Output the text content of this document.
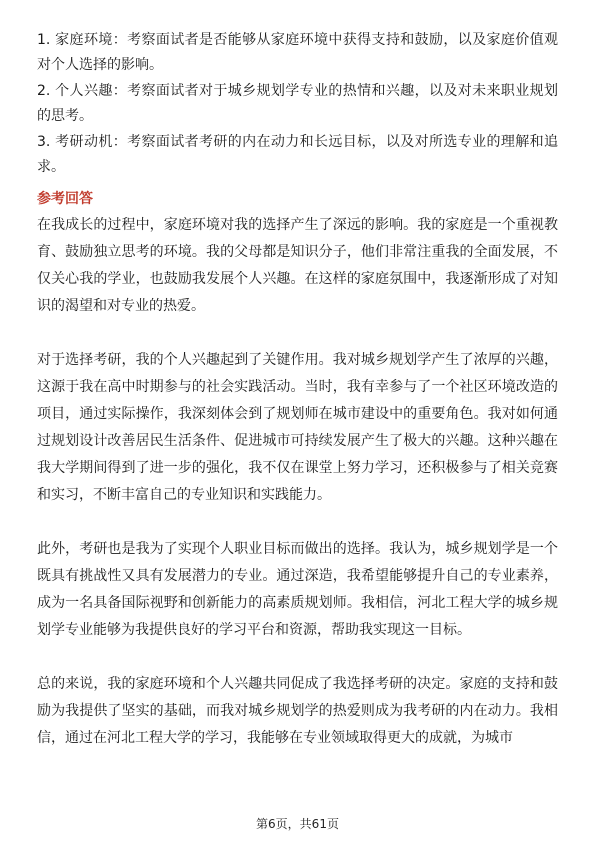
1. 家庭环境：考察面试者是否能够从家庭环境中获得支持和鼓励，以及家庭价值观对个人选择的影响。

2. 个人兴趣：考察面试者对于城乡规划学专业的热情和兴趣，以及对未来职业规划的思考。

3. 考研动机：考察面试者考研的内在动力和长远目标，以及对所选专业的理解和追求。

参考回答

在我成长的过程中，家庭环境对我的选择产生了深远的影响。我的家庭是一个重视教育、鼓励独立思考的环境。我的父母都是知识分子，他们非常注重我的全面发展，不仅关心我的学业，也鼓励我发展个人兴趣。在这样的家庭氛围中，我逐渐形成了对知识的渴望和对专业的热爱。

对于选择考研，我的个人兴趣起到了关键作用。我对城乡规划学产生了浓厚的兴趣，这源于我在高中时期参与的社会实践活动。当时，我有幸参与了一个社区环境改造的项目，通过实际操作，我深刻体会到了规划师在城市建设中的重要角色。我对如何通过规划设计改善居民生活条件、促进城市可持续发展产生了极大的兴趣。这种兴趣在我大学期间得到了进一步的强化，我不仅在课堂上努力学习，还积极参与了相关竞赛和实习，不断丰富自己的专业知识和实践能力。

此外，考研也是我为了实现个人职业目标而做出的选择。我认为，城乡规划学是一个既具有挑战性又具有发展潜力的专业。通过深造，我希望能够提升自己的专业素养，成为一名具备国际视野和创新能力的高素质规划师。我相信，河北工程大学的城乡规划学专业能够为我提供良好的学习平台和资源，帮助我实现这一目标。

总的来说，我的家庭环境和个人兴趣共同促成了我选择考研的决定。家庭的支持和鼓励为我提供了坚实的基础，而我对城乡规划学的热爱则成为我考研的内在动力。我相信，通过在河北工程大学的学习，我能够在专业领域取得更大的成就，为城市

第6页，共61页
